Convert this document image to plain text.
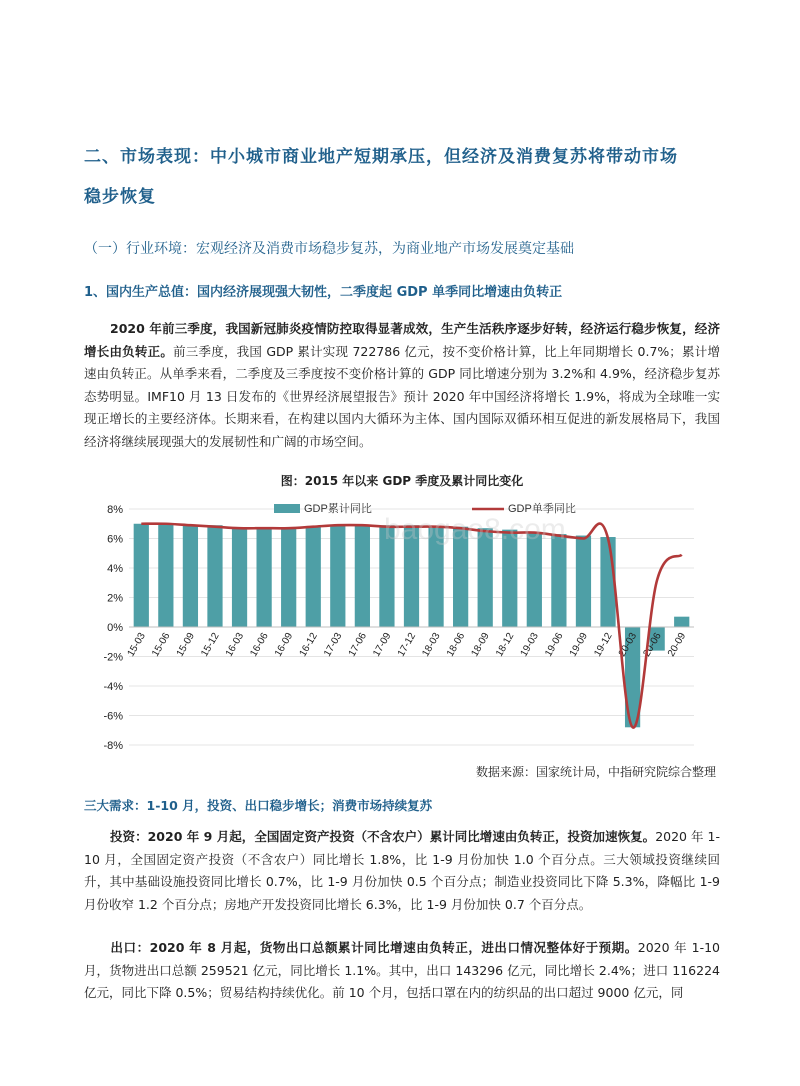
二、市场表现：中小城市商业地产短期承压，但经济及消费复苏将带动市场
稳步恢复
（一）行业环境：宏观经济及消费市场稳步复苏，为商业地产市场发展奠定基础
1、国内生产总值：国内经济展现强大韧性，二季度起 GDP 单季同比增速由负转正
2020 年前三季度，我国新冠肺炎疫情防控取得显著成效，生产生活秩序逐步好转，经济运行稳步恢复，经济增长由负转正。前三季度，我国 GDP 累计实现 722786 亿元，按不变价格计算，比上年同期增长 0.7%；累计增速由负转正。从单季来看，二季度及三季度按不变价格计算的 GDP 同比增速分别为 3.2%和 4.9%，经济稳步复苏态势明显。IMF10 月 13 日发布的《世界经济展望报告》预计 2020 年中国经济将增长 1.9%，将成为全球唯一实现正增长的主要经济体。长期来看，在构建以国内大循环为主体、国内国际双循环相互促进的新发展格局下，我国经济将继续展现强大的发展韧性和广阔的市场空间。
图：2015 年以来 GDP 季度及累计同比变化
8%
6%
4%
2%
0%
-2%
-4%
-6%
-8%
15-03 15-06 15-09 15-12 16-03 16-06 16-09 16-12 17-03 17-06 17-09 17-12 18-03 18-06 18-09 18-12 19-03 19-06 19-09 19-12 20-03 20-06 20-09
GDP累计同比	GDP单季同比
baogao8.com
数据来源：国家统计局，中指研究院综合整理
三大需求：1-10 月，投资、出口稳步增长；消费市场持续复苏
投资：2020 年 9 月起，全国固定资产投资（不含农户）累计同比增速由负转正，投资加速恢复。2020 年 1-10 月，全国固定资产投资（不含农户）同比增长 1.8%，比 1-9 月份加快 1.0 个百分点。三大领域投资继续回升，其中基础设施投资同比增长 0.7%，比 1-9 月份加快 0.5 个百分点；制造业投资同比下降 5.3%，降幅比 1-9 月份收窄 1.2 个百分点；房地产开发投资同比增长 6.3%，比 1-9 月份加快 0.7 个百分点。
出口：2020 年 8 月起，货物出口总额累计同比增速由负转正，进出口情况整体好于预期。2020 年 1-10 月，货物进出口总额 259521 亿元，同比增长 1.1%。其中，出口 143296 亿元，同比增长 2.4%；进口 116224 亿元，同比下降 0.5%；贸易结构持续优化。前 10 个月，包括口罩在内的纺织品的出口超过 9000 亿元，同
